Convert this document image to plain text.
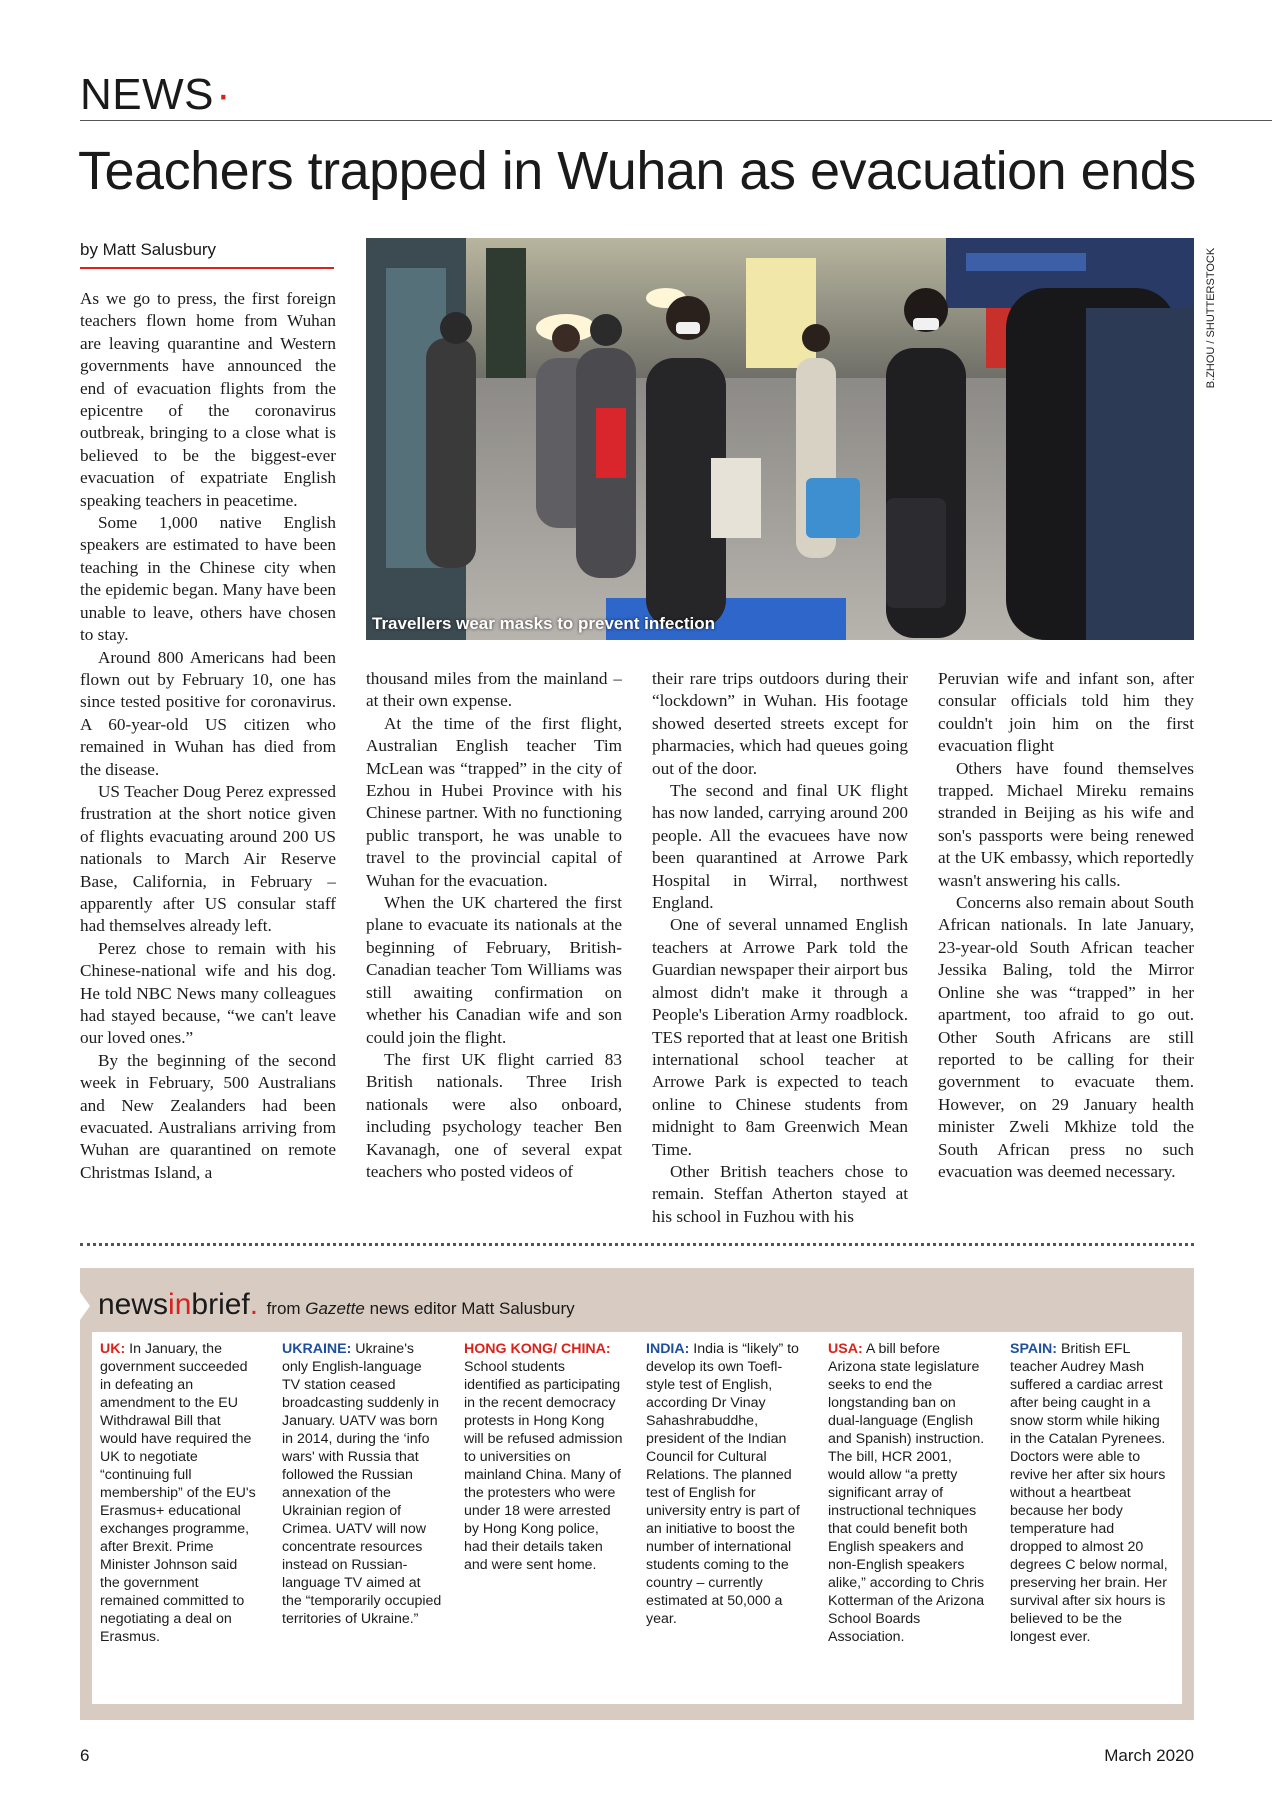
NEWS·
Teachers trapped in Wuhan as evacuation ends
by Matt Salusbury

As we go to press, the first foreign teachers flown home from Wuhan are leaving quarantine and Western governments have announced the end of evacuation flights from the epicentre of the coronavirus outbreak, bringing to a close what is believed to be the biggest-ever evacuation of expatriate English speaking teachers in peacetime.

Some 1,000 native English speakers are estimated to have been teaching in the Chinese city when the epidemic began. Many have been unable to leave, others have chosen to stay.

Around 800 Americans had been flown out by February 10, one has since tested positive for coronavirus. A 60-year-old US citizen who remained in Wuhan has died from the disease.

US Teacher Doug Perez expressed frustration at the short notice given of flights evacuating around 200 US nationals to March Air Reserve Base, California, in February – apparently after US consular staff had themselves already left.

Perez chose to remain with his Chinese-national wife and his dog. He told NBC News many colleagues had stayed because, “we can't leave our loved ones.”

By the beginning of the second week in February, 500 Australians and New Zealanders had been evacuated. Australians arriving from Wuhan are quarantined on remote Christmas Island, a

Travellers wear masks to prevent infection
B.ZHOU / SHUTTERSTOCK

thousand miles from the mainland – at their own expense.

At the time of the first flight, Australian English teacher Tim McLean was “trapped” in the city of Ezhou in Hubei Province with his Chinese partner. With no functioning public transport, he was unable to travel to the provincial capital of Wuhan for the evacuation.

When the UK chartered the first plane to evacuate its nationals at the beginning of February, British-Canadian teacher Tom Williams was still awaiting confirmation on whether his Canadian wife and son could join the flight.

The first UK flight carried 83 British nationals. Three Irish nationals were also onboard, including psychology teacher Ben Kavanagh, one of several expat teachers who posted videos of

their rare trips outdoors during their “lockdown” in Wuhan. His footage showed deserted streets except for pharmacies, which had queues going out of the door.

The second and final UK flight has now landed, carrying around 200 people. All the evacuees have now been quarantined at Arrowe Park Hospital in Wirral, northwest England.

One of several unnamed English teachers at Arrowe Park told the Guardian newspaper their airport bus almost didn't make it through a People's Liberation Army roadblock. TES reported that at least one British international school teacher at Arrowe Park is expected to teach online to Chinese students from midnight to 8am Greenwich Mean Time.

Other British teachers chose to remain. Steffan Atherton stayed at his school in Fuzhou with his

Peruvian wife and infant son, after consular officials told him they couldn't join him on the first evacuation flight

Others have found themselves trapped. Michael Mireku remains stranded in Beijing as his wife and son's passports were being renewed at the UK embassy, which reportedly wasn't answering his calls.

Concerns also remain about South African nationals. In late January, 23-year-old South African teacher Jessika Baling, told the Mirror Online she was “trapped” in her apartment, too afraid to go out. Other South Africans are still reported to be calling for their government to evacuate them. However, on 29 January health minister Zweli Mkhize told the South African press no such evacuation was deemed necessary.

newsinbrief. from Gazette news editor Matt Salusbury
UK: In January, the government succeeded in defeating an amendment to the EU Withdrawal Bill that would have required the UK to negotiate “continuing full membership” of the EU's Erasmus+ educational exchanges programme, after Brexit. Prime Minister Johnson said the government remained committed to negotiating a deal on Erasmus.
UKRAINE: Ukraine's only English-language TV station ceased broadcasting suddenly in January. UATV was born in 2014, during the ‘info wars' with Russia that followed the Russian annexation of the Ukrainian region of Crimea. UATV will now concentrate resources instead on Russian-language TV aimed at the “temporarily occupied territories of Ukraine.”
HONG KONG/ CHINA: School students identified as participating in the recent democracy protests in Hong Kong will be refused admission to universities on mainland China. Many of the protesters who were under 18 were arrested by Hong Kong police, had their details taken and were sent home.
INDIA: India is “likely” to develop its own Toefl-style test of English, according Dr Vinay Sahashrabuddhe, president of the Indian Council for Cultural Relations. The planned test of English for university entry is part of an initiative to boost the number of international students coming to the country – currently estimated at 50,000 a year.
USA: A bill before Arizona state legislature seeks to end the longstanding ban on dual-language (English and Spanish) instruction. The bill, HCR 2001, would allow “a pretty significant array of instructional techniques that could benefit both English speakers and non-English speakers alike,” according to Chris Kotterman of the Arizona School Boards Association.
SPAIN: British EFL teacher Audrey Mash suffered a cardiac arrest after being caught in a snow storm while hiking in the Catalan Pyrenees. Doctors were able to revive her after six hours without a heartbeat because her body temperature had dropped to almost 20 degrees C below normal, preserving her brain. Her survival after six hours is believed to be the longest ever.
6	March 2020
